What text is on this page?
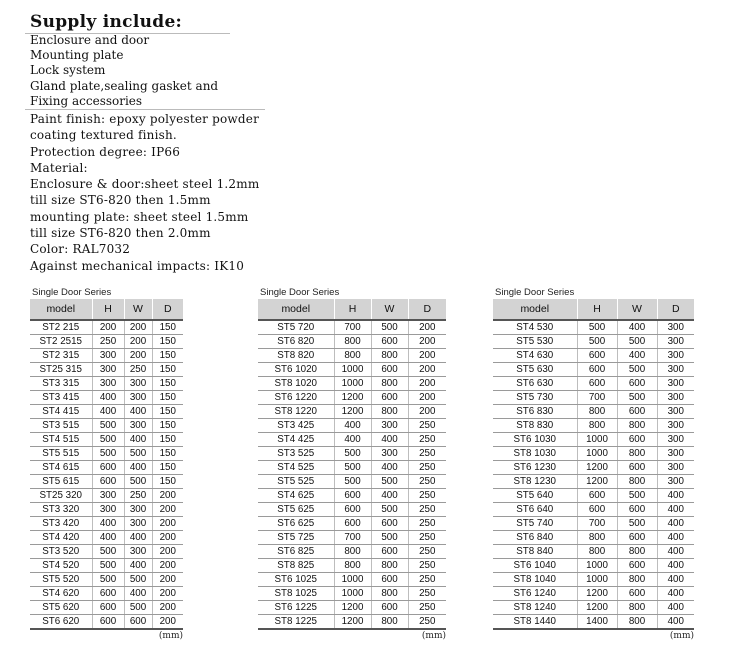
Supply include:
Enclosure and door
Mounting plate
Lock system
Gland plate,sealing gasket and
Fixing accessories
Paint finish: epoxy polyester powder
coating textured finish.
Protection degree: IP66
Material:
Enclosure & door:sheet steel 1.2mm
till size ST6-820 then 1.5mm
mounting plate: sheet steel 1.5mm
till size ST6-820 then 2.0mm
Color: RAL7032
Against mechanical impacts: IK10
Single Door Series
model	H	W	D
ST2 215	200	200	150
ST2 2515	250	200	150
ST2 315	300	200	150
ST25 315	300	250	150
ST3 315	300	300	150
ST3 415	400	300	150
ST4 415	400	400	150
ST3 515	500	300	150
ST4 515	500	400	150
ST5 515	500	500	150
ST4 615	600	400	150
ST5 615	600	500	150
ST25 320	300	250	200
ST3 320	300	300	200
ST3 420	400	300	200
ST4 420	400	400	200
ST3 520	500	300	200
ST4 520	500	400	200
ST5 520	500	500	200
ST4 620	600	400	200
ST5 620	600	500	200
ST6 620	600	600	200
(mm)
Single Door Series
model	H	W	D
ST5 720	700	500	200
ST6 820	800	600	200
ST8 820	800	800	200
ST6 1020	1000	600	200
ST8 1020	1000	800	200
ST6 1220	1200	600	200
ST8 1220	1200	800	200
ST3 425	400	300	250
ST4 425	400	400	250
ST3 525	500	300	250
ST4 525	500	400	250
ST5 525	500	500	250
ST4 625	600	400	250
ST5 625	600	500	250
ST6 625	600	600	250
ST5 725	700	500	250
ST6 825	800	600	250
ST8 825	800	800	250
ST6 1025	1000	600	250
ST8 1025	1000	800	250
ST6 1225	1200	600	250
ST8 1225	1200	800	250
(mm)
Single Door Series
model	H	W	D
ST4 530	500	400	300
ST5 530	500	500	300
ST4 630	600	400	300
ST5 630	600	500	300
ST6 630	600	600	300
ST5 730	700	500	300
ST6 830	800	600	300
ST8 830	800	800	300
ST6 1030	1000	600	300
ST8 1030	1000	800	300
ST6 1230	1200	600	300
ST8 1230	1200	800	300
ST5 640	600	500	400
ST6 640	600	600	400
ST5 740	700	500	400
ST6 840	800	600	400
ST8 840	800	800	400
ST6 1040	1000	600	400
ST8 1040	1000	800	400
ST6 1240	1200	600	400
ST8 1240	1200	800	400
ST8 1440	1400	800	400
(mm)
